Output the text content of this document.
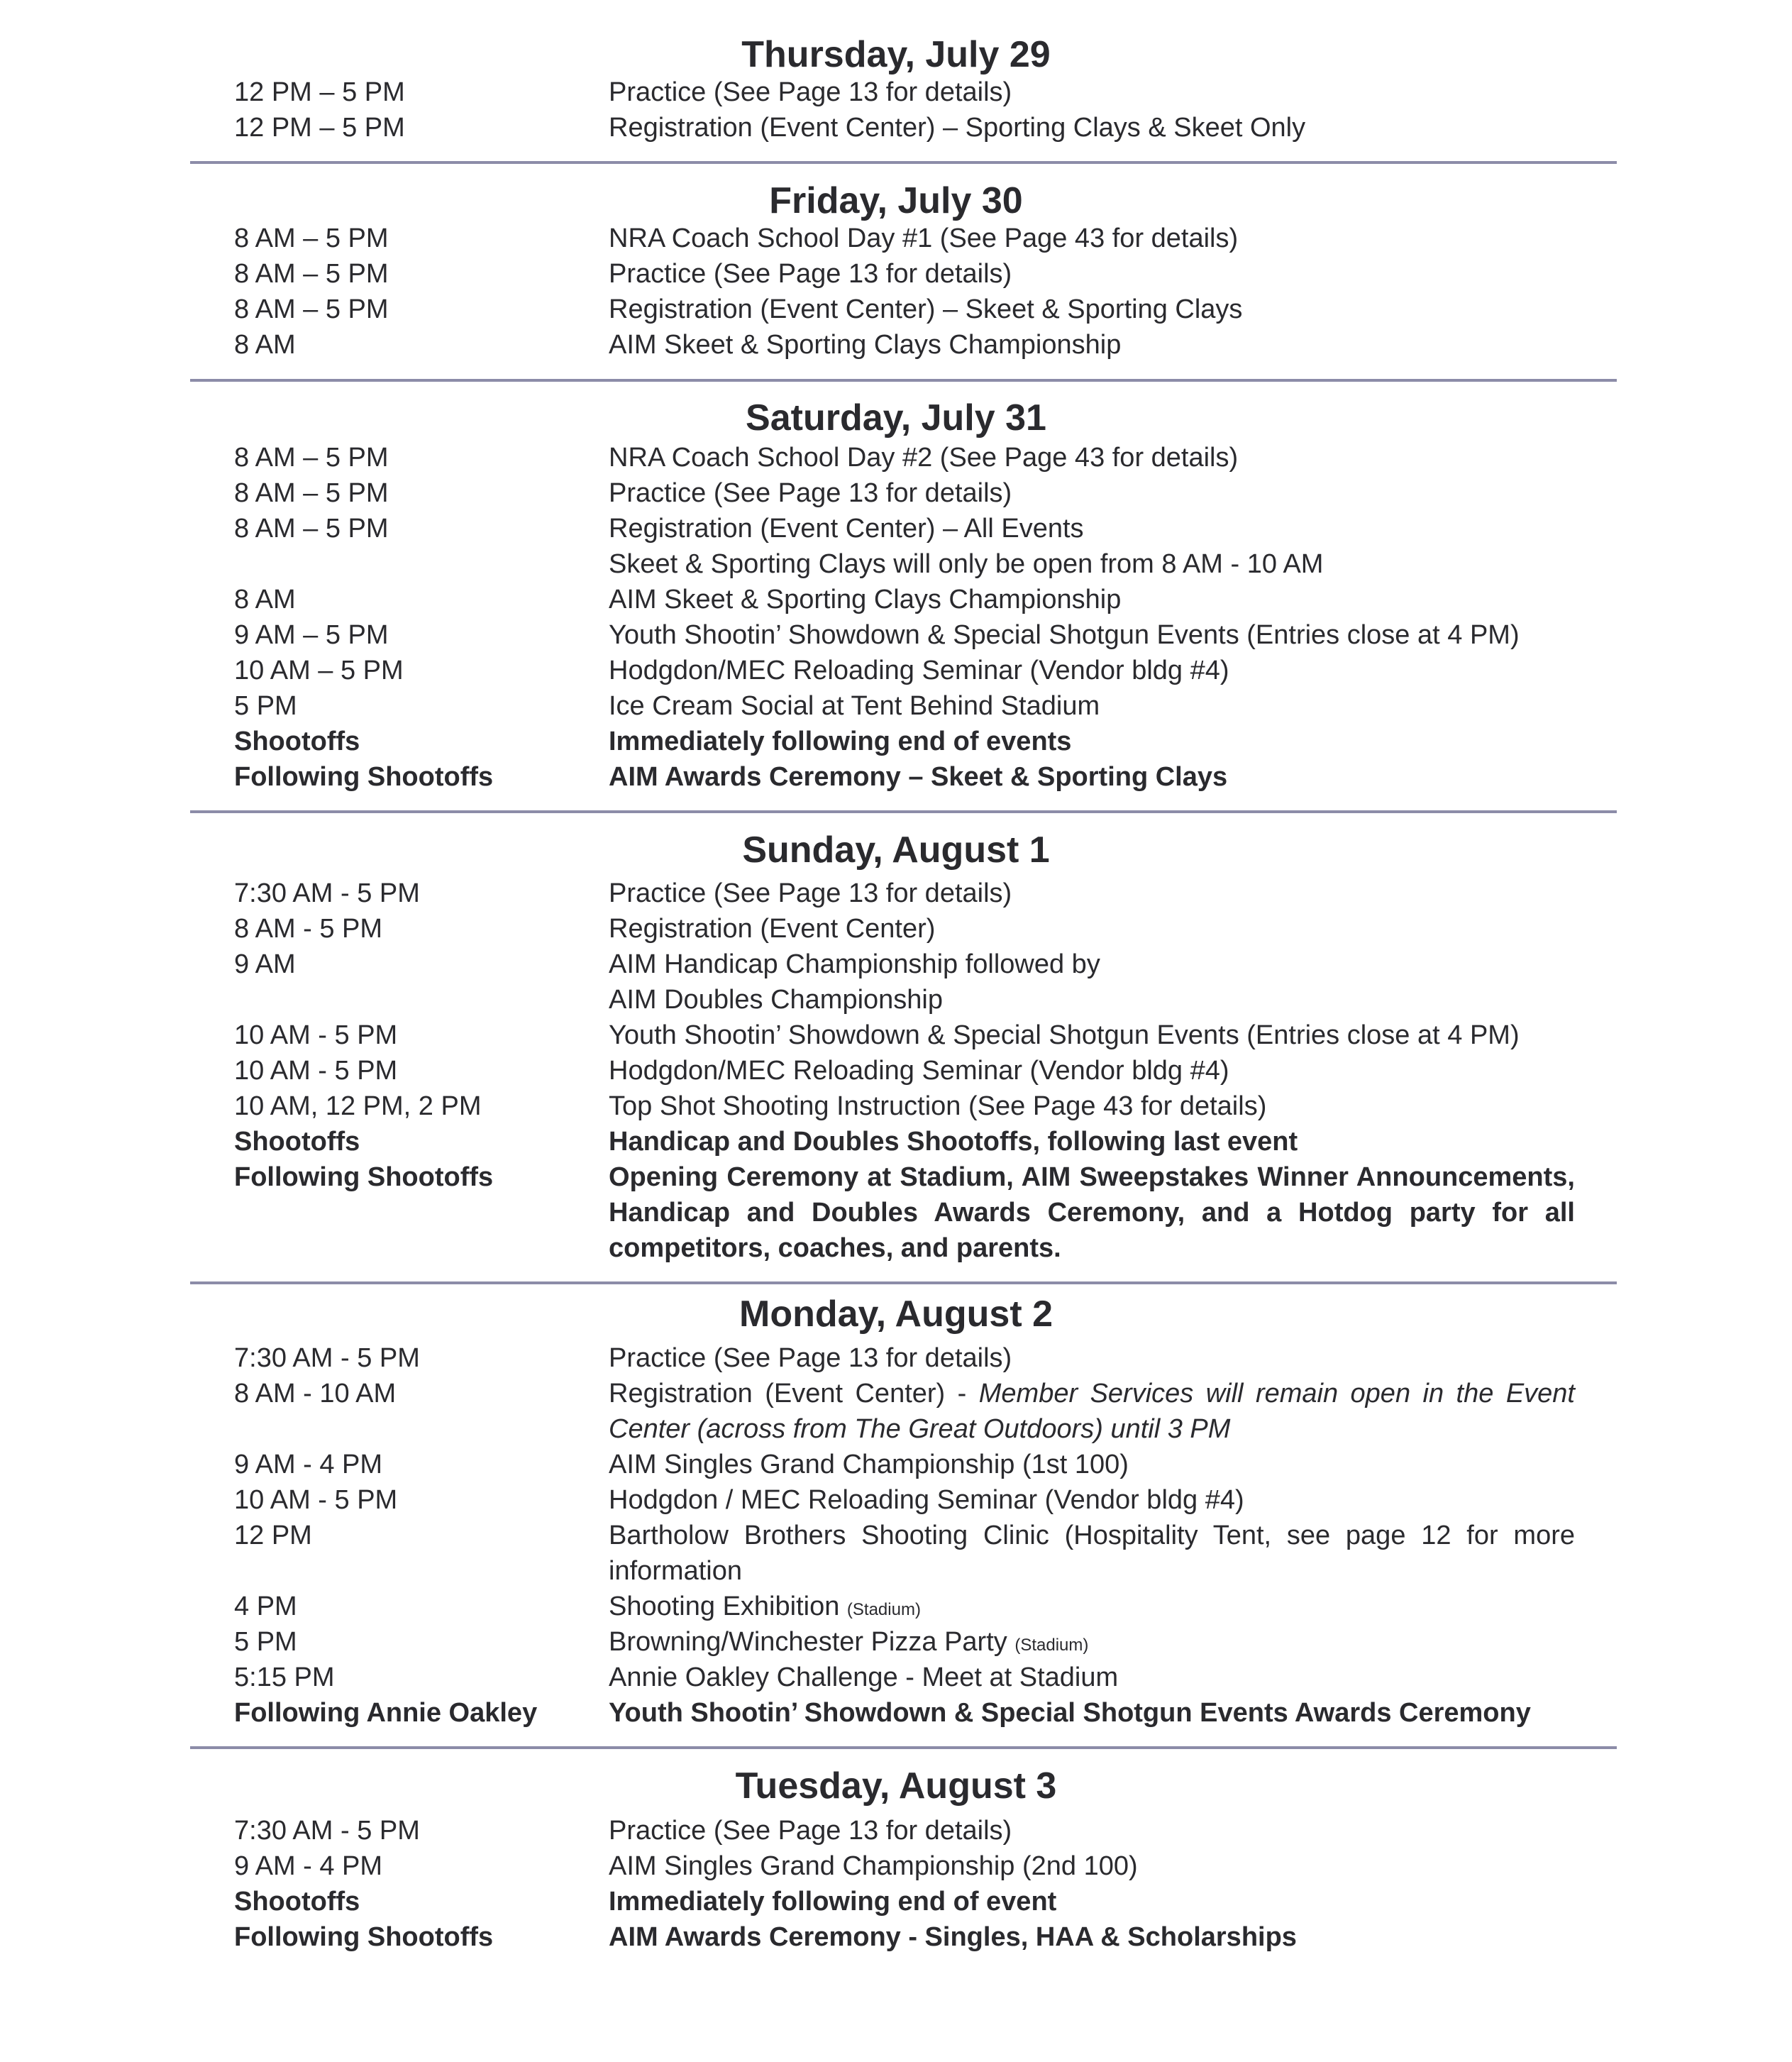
Thursday, July 29
12 PM – 5 PM	Practice (See Page 13 for details)
12 PM – 5 PM	Registration (Event Center) – Sporting Clays & Skeet Only
Friday, July 30
8 AM – 5 PM	NRA Coach School Day #1 (See Page 43 for details)
8 AM – 5 PM	Practice (See Page 13 for details)
8 AM – 5 PM	Registration (Event Center) – Skeet & Sporting Clays
8 AM	AIM Skeet & Sporting Clays Championship
Saturday, July 31
8 AM – 5 PM	NRA Coach School Day #2 (See Page 43 for details)
8 AM – 5 PM	Practice (See Page 13 for details)
8 AM – 5 PM	Registration (Event Center) – All Events
Skeet & Sporting Clays will only be open from 8 AM - 10 AM
8 AM	AIM Skeet & Sporting Clays Championship
9 AM – 5 PM	Youth Shootin’ Showdown & Special Shotgun Events (Entries close at 4 PM)
10 AM – 5 PM	Hodgdon/MEC Reloading Seminar (Vendor bldg #4)
5 PM	Ice Cream Social at Tent Behind Stadium
Shootoffs	Immediately following end of events
Following Shootoffs	AIM Awards Ceremony – Skeet & Sporting Clays
Sunday, August 1
7:30 AM - 5 PM	Practice (See Page 13 for details)
8 AM - 5 PM	Registration (Event Center)
9 AM	AIM Handicap Championship followed by
AIM Doubles Championship
10 AM - 5 PM	Youth Shootin’ Showdown & Special Shotgun Events (Entries close at 4 PM)
10 AM - 5 PM	Hodgdon/MEC Reloading Seminar (Vendor bldg #4)
10 AM, 12 PM, 2 PM	Top Shot Shooting Instruction (See Page 43 for details)
Shootoffs	Handicap and Doubles Shootoffs, following last event
Following Shootoffs	Opening Ceremony at Stadium, AIM Sweepstakes Winner Announcements, Handicap and Doubles Awards Ceremony, and a Hotdog party for all competitors, coaches, and parents.
Monday, August 2
7:30 AM - 5 PM	Practice (See Page 13 for details)
8 AM - 10 AM	Registration (Event Center) - Member Services will remain open in the Event Center (across from The Great Outdoors) until 3 PM
9 AM - 4 PM	AIM Singles Grand Championship (1st 100)
10 AM - 5 PM	Hodgdon / MEC Reloading Seminar (Vendor bldg #4)
12 PM	Bartholow Brothers Shooting Clinic (Hospitality Tent, see page 12 for more information
4 PM	Shooting Exhibition (Stadium)
5 PM	Browning/Winchester Pizza Party (Stadium)
5:15 PM	Annie Oakley Challenge - Meet at Stadium
Following Annie Oakley	Youth Shootin’ Showdown & Special Shotgun Events Awards Ceremony
Tuesday, August 3
7:30 AM - 5 PM	Practice (See Page 13 for details)
9 AM - 4 PM	AIM Singles Grand Championship (2nd 100)
Shootoffs	Immediately following end of event
Following Shootoffs	AIM Awards Ceremony - Singles, HAA & Scholarships
